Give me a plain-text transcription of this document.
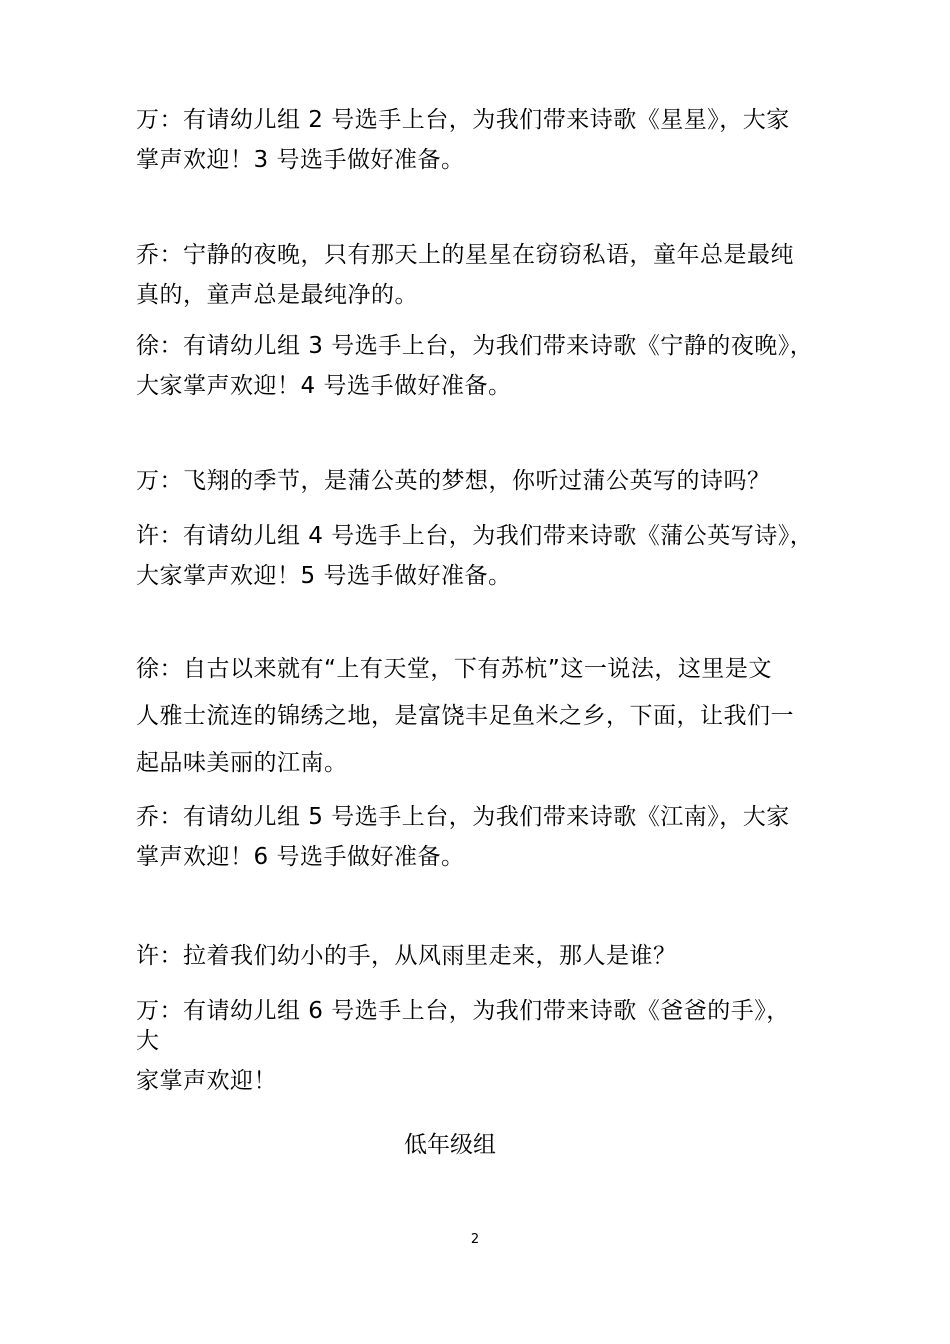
万：有请幼儿组 2 号选手上台，为我们带来诗歌《星星》，大家
掌声欢迎！3 号选手做好准备。
乔：宁静的夜晚，只有那天上的星星在窃窃私语，童年总是最纯
真的，童声总是最纯净的。
徐：有请幼儿组 3 号选手上台，为我们带来诗歌《宁静的夜晚》，
大家掌声欢迎！4 号选手做好准备。
万：飞翔的季节，是蒲公英的梦想，你听过蒲公英写的诗吗？
许：有请幼儿组 4 号选手上台，为我们带来诗歌《蒲公英写诗》，
大家掌声欢迎！5 号选手做好准备。
徐：自古以来就有“上有天堂，下有苏杭”这一说法，这里是文
人雅士流连的锦绣之地，是富饶丰足鱼米之乡，下面，让我们一
起品味美丽的江南。
乔：有请幼儿组 5 号选手上台，为我们带来诗歌《江南》，大家
掌声欢迎！6 号选手做好准备。
许：拉着我们幼小的手，从风雨里走来，那人是谁？
万：有请幼儿组 6 号选手上台，为我们带来诗歌《爸爸的手》，
大
家掌声欢迎！
低年级组
2
